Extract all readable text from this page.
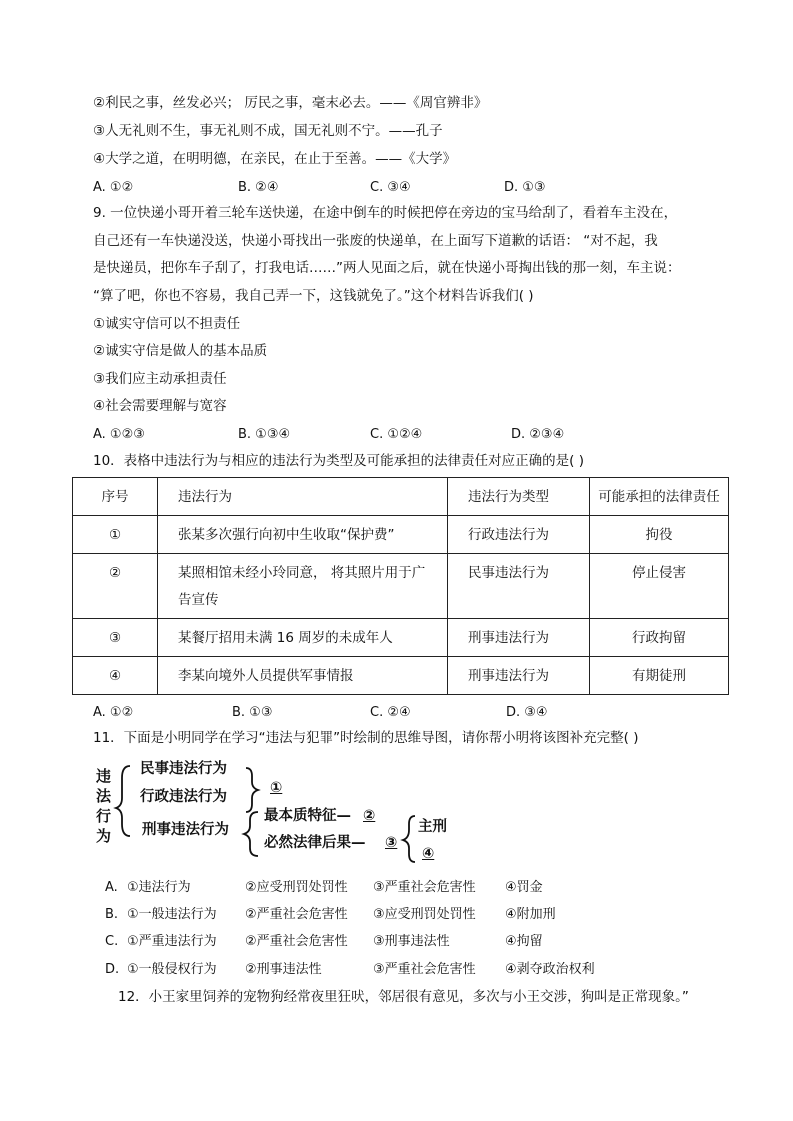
②利民之事，丝发必兴； 厉民之事，毫末必去。——《周官辨非》
③人无礼则不生，事无礼则不成，国无礼则不宁。——孔子
④大学之道，在明明德，在亲民，在止于至善。——《大学》
A. ①②	B. ②④	C. ③④	D. ①③
9. 一位快递小哥开着三轮车送快递，在途中倒车的时候把停在旁边的宝马给刮了，看着车主没在，
自己还有一车快递没送，快递小哥找出一张废的快递单，在上面写下道歉的话语： “对不起，我
是快递员，把你车子刮了，打我电话……”两人见面之后，就在快递小哥掏出钱的那一刻，车主说：
“算了吧，你也不容易，我自己弄一下，这钱就免了。”这个材料告诉我们( )
①诚实守信可以不担责任
②诚实守信是做人的基本品质
③我们应主动承担责任
④社会需要理解与宽容
A. ①②③	B. ①③④	C. ①②④	D. ②③④
10．表格中违法行为与相应的违法行为类型及可能承担的法律责任对应正确的是( )
序号	违法行为	违法行为类型	可能承担的法律责任
①	张某多次强行向初中生收取“保护费”	行政违法行为	拘役
②	某照相馆未经小玲同意， 将其照片用于广告宣传	民事违法行为	停止侵害
③	某餐厅招用未满 16 周岁的未成年人	刑事违法行为	行政拘留
④	李某向境外人员提供军事情报	刑事违法行为	有期徒刑
A. ①②	B. ①③	C. ②④	D. ③④
11．下面是小明同学在学习“违法与犯罪”时绘制的思维导图，请你帮小明将该图补充完整( )
违法行为
民事违法行为
行政违法行为
①
刑事违法行为
最本质特征— ②
必然法律后果— ③
主刑
④
A. ①违法行为	②应受刑罚处罚性 ③严重社会危害性 ④罚金
B. ①一般违法行为 ②严重社会危害性 ③应受刑罚处罚性 ④附加刑
C. ①严重违法行为 ②严重社会危害性 ③刑事违法性	④拘留
D. ①一般侵权行为 ②刑事违法性	③严重社会危害性 ④剥夺政治权利
12．小王家里饲养的宠物狗经常夜里狂吠，邻居很有意见，多次与小王交涉，狗叫是正常现象。”
